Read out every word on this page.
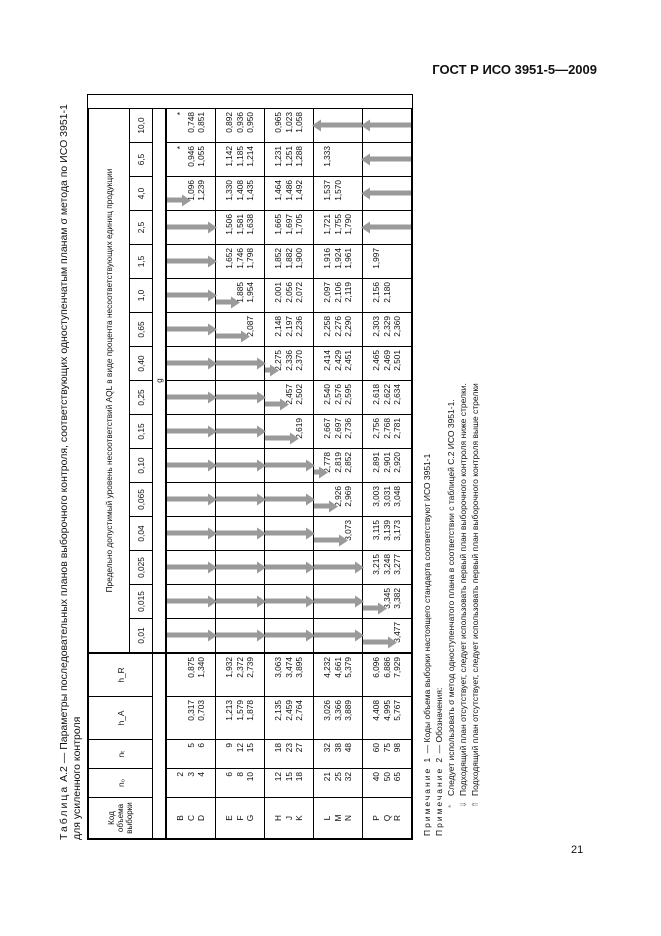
ГОСТ Р ИСО 3951-5—2009

Таблица A.2 — Параметры последовательных планов выборочного контроля, соответствующих одноступенчатым планам σ метода по ИСО 3951-1 для усиленного контроля	Код объема выборки	n₀	nₜ	h_A	h_R	Предельно допустимый уровень несоответствий AQL в виде процента несоответствующих единиц продукции															
					0,01	0,015	0,025	0,04	0,065	0,10	0,15	0,25	0,40	0,65	1,0	1,5	2,5	4,0	6,5	10,0
					g															

B C D	2 3 4	5 6	0,317 0,703	0,875 1,340														1,096 1,239	* 0,946 1,055	* 0,748 0,851

E F G	6 8 10	9 12 15	1,213 1,579 1,878	1,932 2,372 2,739										2,087	1,885 1,954	1,652 1,746 1,798	1,506 1,581 1,638	1,330 1,408 1,435	1,142 1,185 1,214	0,892 0,936 0,950

H J K	12 15 18	18 23 27	2,135 2,459 2,764	3,063 3,474 3,895							2,619	2,457 2,502	2,275 2,336 2,370	2,148 2,197 2,236	2,001 2,056 2,072	1,852 1,882 1,900	1,665 1,697 1,705	1,464 1,486 1,492	1,231 1,251 1,288	0,965 1,023 1,058

L M N	21 25 32	32 38 48	3,026 3,366 3,889	4,232 4,661 5,379				3,073	2,926 2,969	2,778 2,819 2,852	2,667 2,697 2,736	2,540 2,576 2,595	2,414 2,429 2,451	2,258 2,276 2,290	2,097 2,106 2,119	1,916 1,924 1,961	1,721 1,755 1,790	1,537 1,570	1,333	

P Q R	40 50 65	60 75 98	4,408 4,995 5,767	6,096 6,886 7,929	3,477	3,345 3,382	3,215 3,248 3,277	3,115 3,139 3,173	3,003 3,031 3,048	2,891 2,901 2,920	2,756 2,768 2,781	2,618 2,622 2,634	2,465 2,469 2,501	2,303 2,329 2,360	2,156 2,180	1,997				

Примечание 1 — Коды объема выборки настоящего стандарта соответствуют ИСО 3951-1
Примечание 2 — Обозначения:
*Следует использовать σ метод одноступенчатого плана в соответствии с таблицей С.2 ИСО 3951-1.
⇓Подходящий план отсутствует, следует использовать первый план выборочного контроля ниже стрелки.
⇑Подходящий план отсутствует, следует использовать первый план выборочного контроля выше стрелки
21
